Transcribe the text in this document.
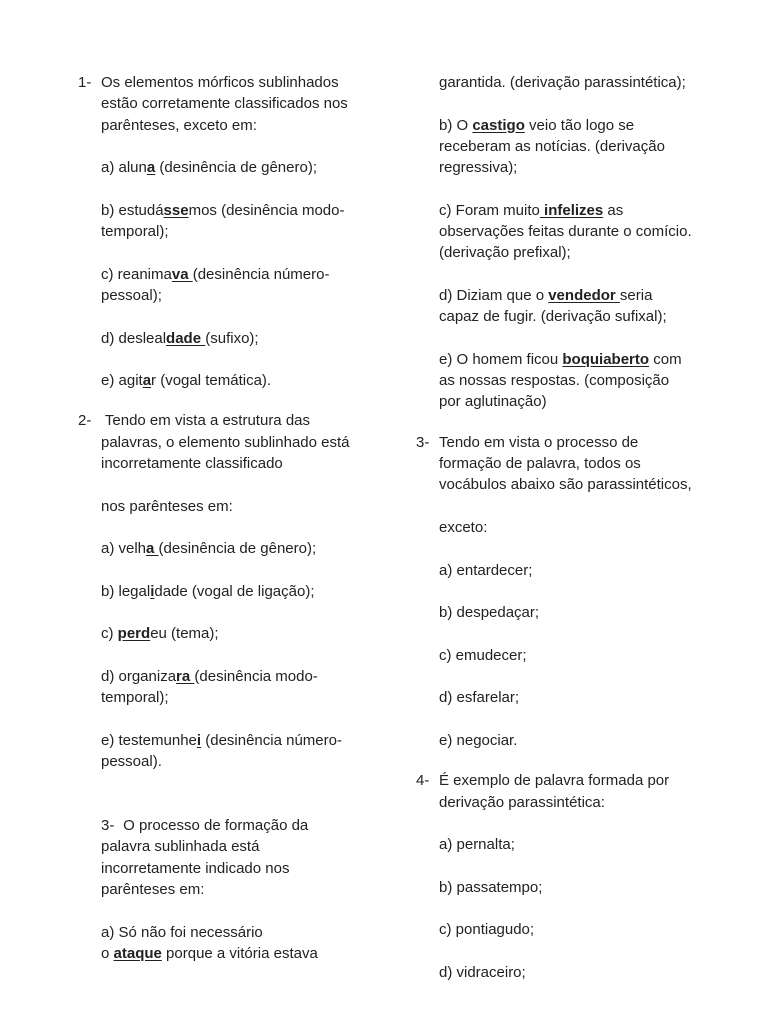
1- Os elementos mórficos sublinhados
estão corretamente classificados nos
parênteses, exceto em:
a) aluna (desinência de gênero);
b) estudássemos (desinência modo-
temporal);
c) reanimava (desinência número-
pessoal);
d) deslealdade (sufixo);
e) agitar (vogal temática).
2- Tendo em vista a estrutura das
palavras, o elemento sublinhado está
incorretamente classificado
nos parênteses em:
a) velha (desinência de gênero);
b) legalidade (vogal de ligação);
c) perdeu (tema);
d) organizara (desinência modo-
temporal);
e) testemunhei (desinência número-
pessoal).
3- O processo de formação da
palavra sublinhada está
incorretamente indicado nos
parênteses em:
a) Só não foi necessário
o ataque porque a vitória estava
garantida. (derivação parassintética);
b) O castigo veio tão logo se
receberam as notícias. (derivação
regressiva);
c) Foram muito infelizes as
observações feitas durante o comício.
(derivação prefixal);
d) Diziam que o vendedor seria
capaz de fugir. (derivação sufixal);
e) O homem ficou boquiaberto com
as nossas respostas. (composição
por aglutinação)
3- Tendo em vista o processo de
formação de palavra, todos os
vocábulos abaixo são parassintéticos,
exceto:
a) entardecer;
b) despedaçar;
c) emudecer;
d) esfarelar;
e) negociar.
4- É exemplo de palavra formada por
derivação parassintética:
a) pernalta;
b) passatempo;
c) pontiagudo;
d) vidraceiro;
